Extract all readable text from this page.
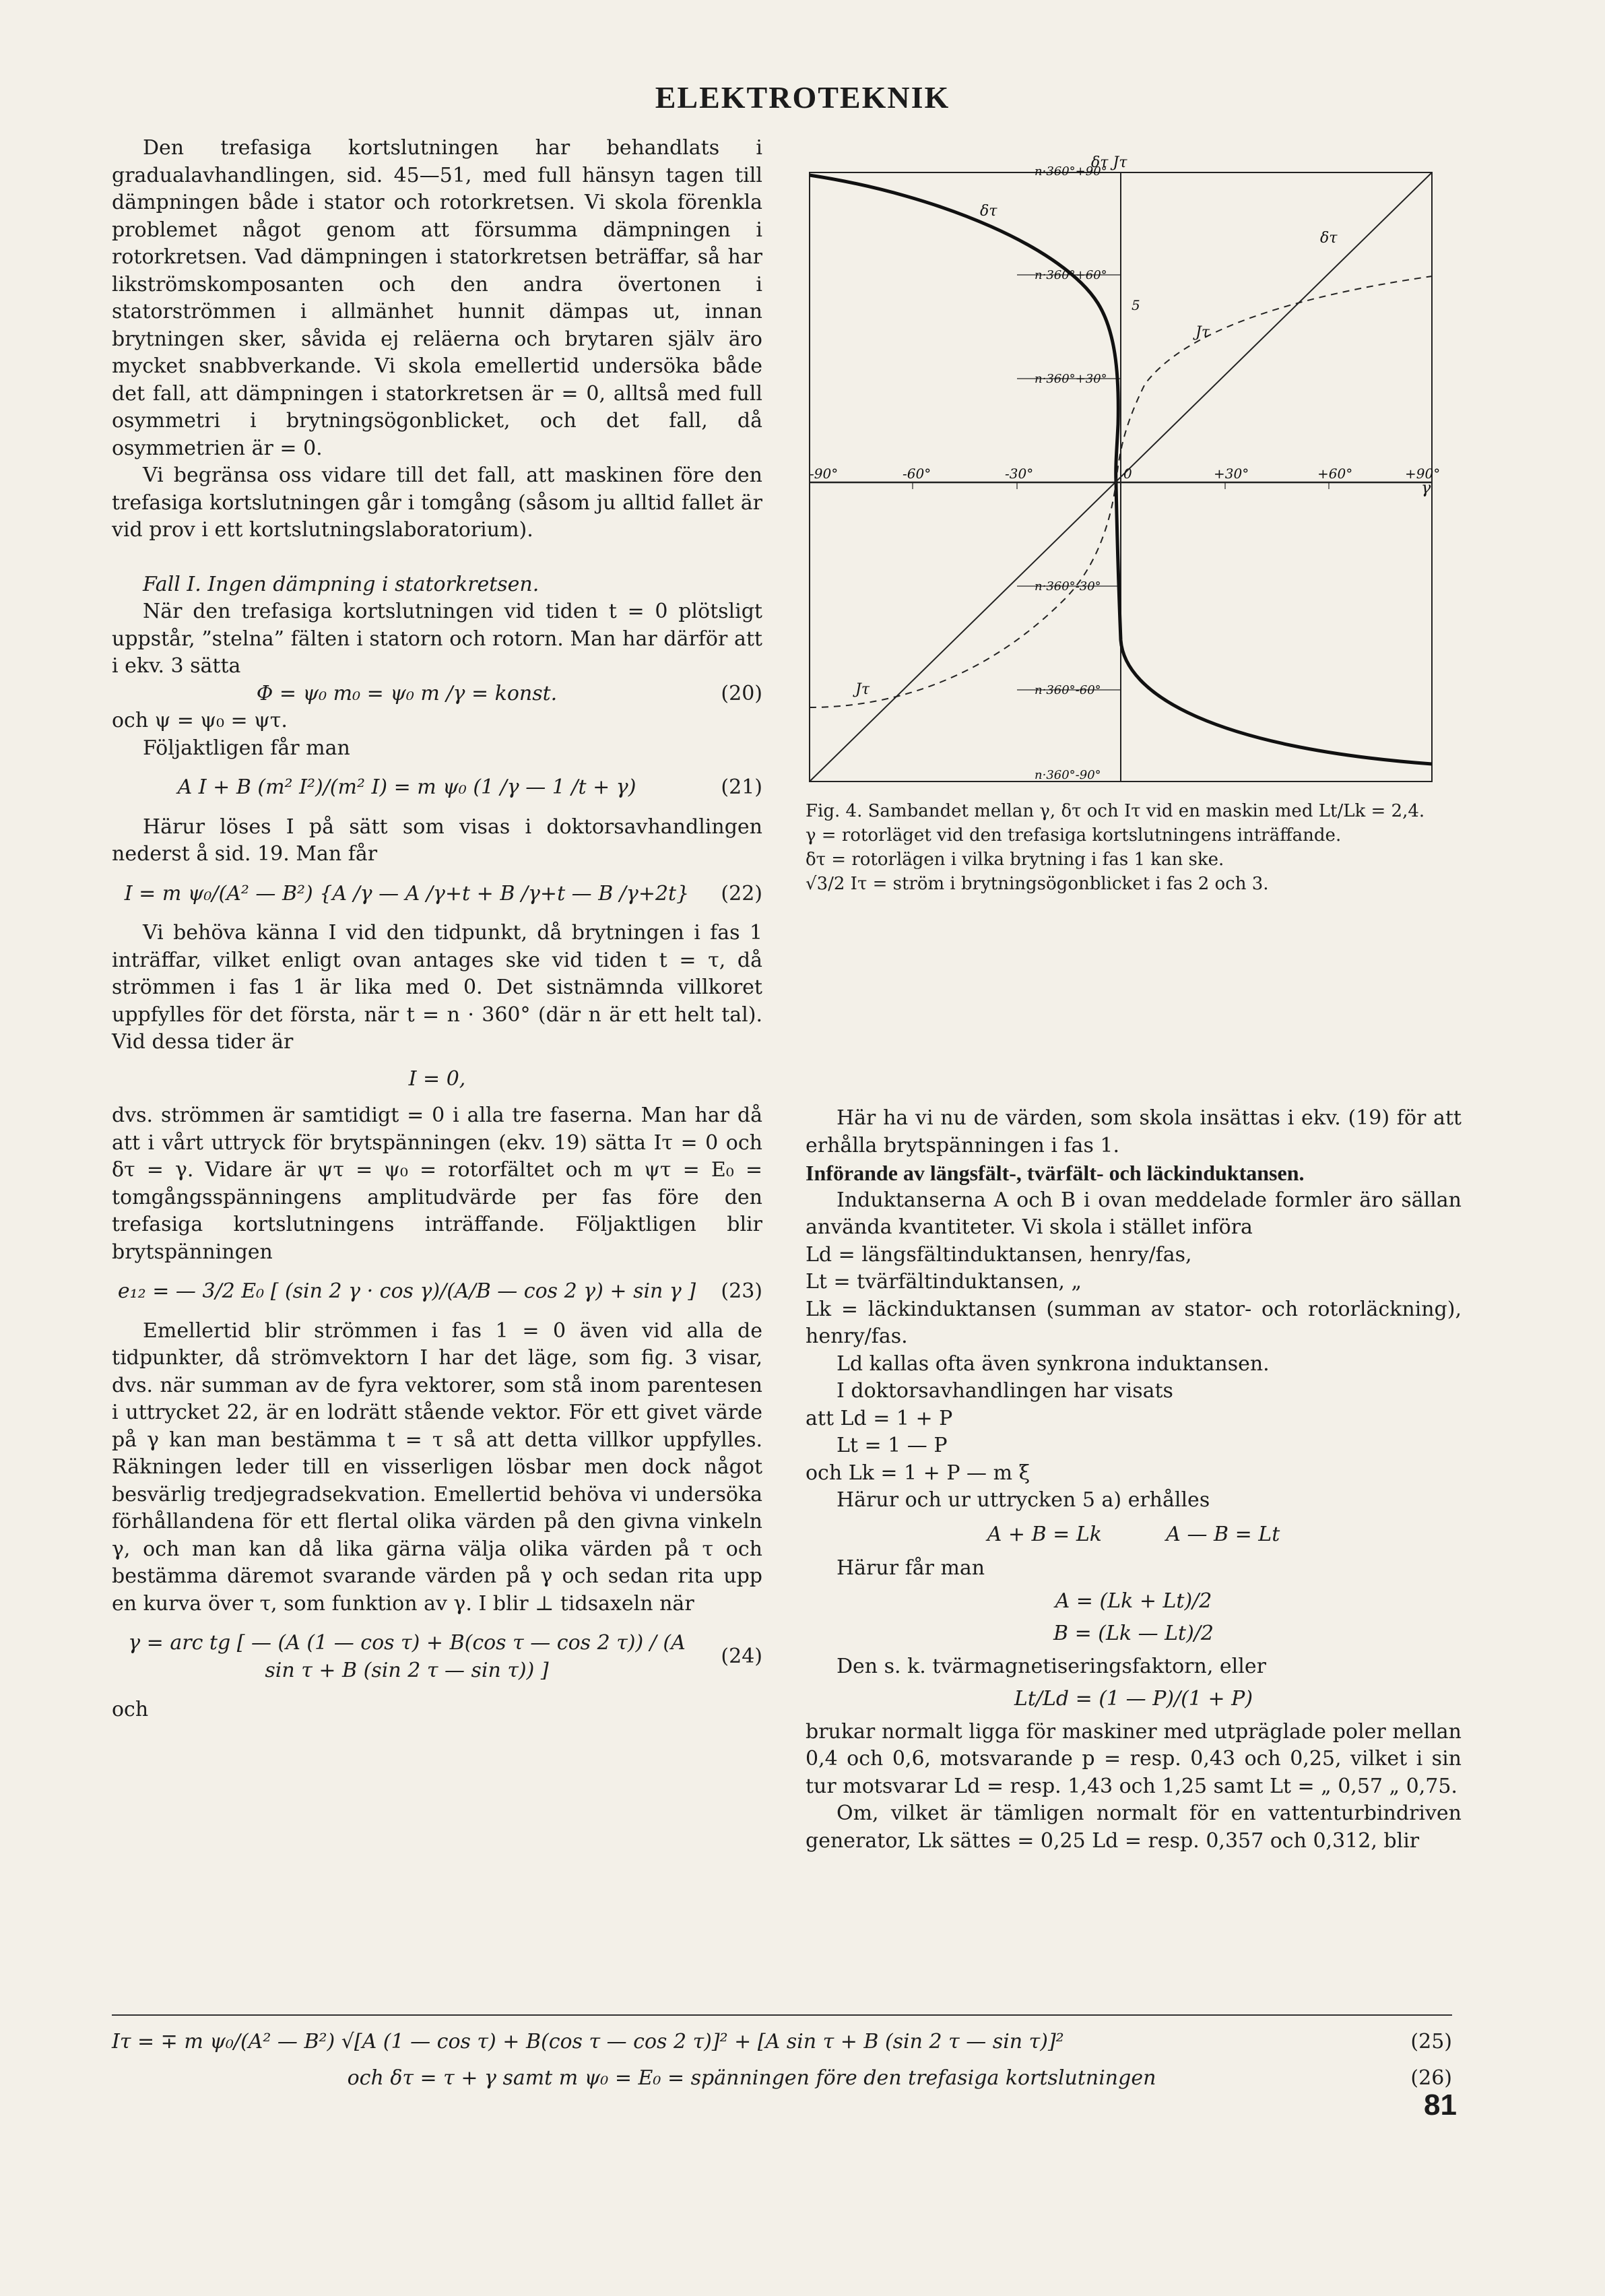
ELEKTROTEKNIK

Den trefasiga kortslutningen har behandlats i gradualavhandlingen, sid. 45—51, med full hänsyn tagen till dämpningen både i stator och rotorkretsen. Vi skola förenkla problemet något genom att försumma dämpningen i rotorkretsen. Vad dämpningen i statorkretsen beträffar, så har likströmskomposanten och den andra övertonen i statorströmmen i allmänhet hunnit dämpas ut, innan brytningen sker, såvida ej reläerna och brytaren själv äro mycket snabbverkande. Vi skola emellertid undersöka både det fall, att dämpningen i statorkretsen är = 0, alltså med full osymmetri i brytningsögonblicket, och det fall, då osymmetrien är = 0.

Vi begränsa oss vidare till det fall, att maskinen före den trefasiga kortslutningen går i tomgång (såsom ju alltid fallet är vid prov i ett kortslutningslaboratorium).

Fall I. Ingen dämpning i statorkretsen.

När den trefasiga kortslutningen vid tiden t = 0 plötsligt uppstår, ”stelna” fälten i statorn och rotorn. Man har därför att i ekv. 3 sätta

Φ = ψ₀ m₀ = ψ₀ m /γ = konst.	(20)

och ψ = ψ₀ = ψτ.

Följaktligen får man

A I + B (m² I²)/(m² I) = m ψ₀ (1 /γ — 1 /t + γ)	(21)

Härur löses I på sätt som visas i doktorsavhandlingen nederst å sid. 19. Man får

I = m ψ₀/(A² — B²) {A /γ — A /γ+t + B /γ+t — B /γ+2t}	(22)

Vi behöva känna I vid den tidpunkt, då brytningen i fas 1 inträffar, vilket enligt ovan antages ske vid tiden t = τ, då strömmen i fas 1 är lika med 0. Det sistnämnda villkoret uppfylles för det första, när t = n · 360° (där n är ett helt tal). Vid dessa tider är

I = 0,

dvs. strömmen är samtidigt = 0 i alla tre faserna. Man har då att i vårt uttryck för brytspänningen (ekv. 19) sätta Iτ = 0 och δτ = γ. Vidare är ψτ = ψ₀ = rotorfältet och m ψτ = E₀ = tomgångsspänningens amplitudvärde per fas före den trefasiga kortslutningens inträffande. Följaktligen blir brytspänningen

e₁₂ = — 3/2 E₀ [ (sin 2 γ · cos γ)/(A/B — cos 2 γ) + sin γ ]	(23)

Emellertid blir strömmen i fas 1 = 0 även vid alla de tidpunkter, då strömvektorn I har det läge, som fig. 3 visar, dvs. när summan av de fyra vektorer, som stå inom parentesen i uttrycket 22, är en lodrätt stående vektor. För ett givet värde på γ kan man bestämma t = τ så att detta villkor uppfylles. Räkningen leder till en visserligen lösbar men dock något besvärlig tredjegradsekvation. Emellertid behöva vi undersöka förhållandena för ett flertal olika värden på den givna vinkeln γ, och man kan då lika gärna välja olika värden på τ och bestämma däremot svarande värden på γ och sedan rita upp en kurva över τ, som funktion av γ. I blir ⊥ tidsaxeln när

γ = arc tg [ — (A (1 — cos τ) + B(cos τ — cos 2 τ)) / (A sin τ + B (sin 2 τ — sin τ)) ]
(24)

och

-90°	-60°	-30°	0	+30°	+60°	+90°
γ
n·360°+90°
n·360°+60°
n·360°+30°
n·360°-30°
n·360°-60°
n·360°-90°
δτ Jτ
δτ
δτ
Jτ
Jτ
5

Fig. 4. Sambandet mellan γ, δτ och Iτ vid en maskin med Lt/Lk = 2,4.

γ = rotorläget vid den trefasiga kortslutningens inträffande.

δτ = rotorlägen i vilka brytning i fas 1 kan ske.

√3/2 Iτ = ström i brytningsögonblicket i fas 2 och 3.

Här ha vi nu de värden, som skola insättas i ekv. (19) för att erhålla brytspänningen i fas 1.

Införande av längsfält-, tvärfält- och läckinduktansen.

Induktanserna A och B i ovan meddelade formler äro sällan använda kvantiteter. Vi skola i stället införa

Ld = längsfältinduktansen, henry/fas,

Lt = tvärfältinduktansen, „

Lk = läckinduktansen (summan av stator- och rotorläckning), henry/fas.

Ld kallas ofta även synkrona induktansen.

I doktorsavhandlingen har visats

att Ld = 1 + P

Lt = 1 — P

och Lk = 1 + P — m ξ

Härur och ur uttrycken 5 a) erhålles

A + B = Lk          A — B = Lt

Härur får man

A = (Lk + Lt)/2

B = (Lk — Lt)/2

Den s. k. tvärmagnetiseringsfaktorn, eller

Lt/Ld = (1 — P)/(1 + P)

brukar normalt ligga för maskiner med utpräglade poler mellan 0,4 och 0,6, motsvarande p = resp. 0,43 och 0,25, vilket i sin tur motsvarar Ld = resp. 1,43 och 1,25 samt Lt = „ 0,57 „ 0,75.

Om, vilket är tämligen normalt för en vattenturbindriven generator, Lk sättes = 0,25 Ld = resp. 0,357 och 0,312, blir

Iτ = ∓ m ψ₀/(A² — B²) √[A (1 — cos τ) + B(cos τ — cos 2 τ)]² + [A sin τ + B (sin 2 τ — sin τ)]²	(25)
och δτ = τ + γ samt m ψ₀ = E₀ = spänningen före den trefasiga kortslutningen	(26)
81
